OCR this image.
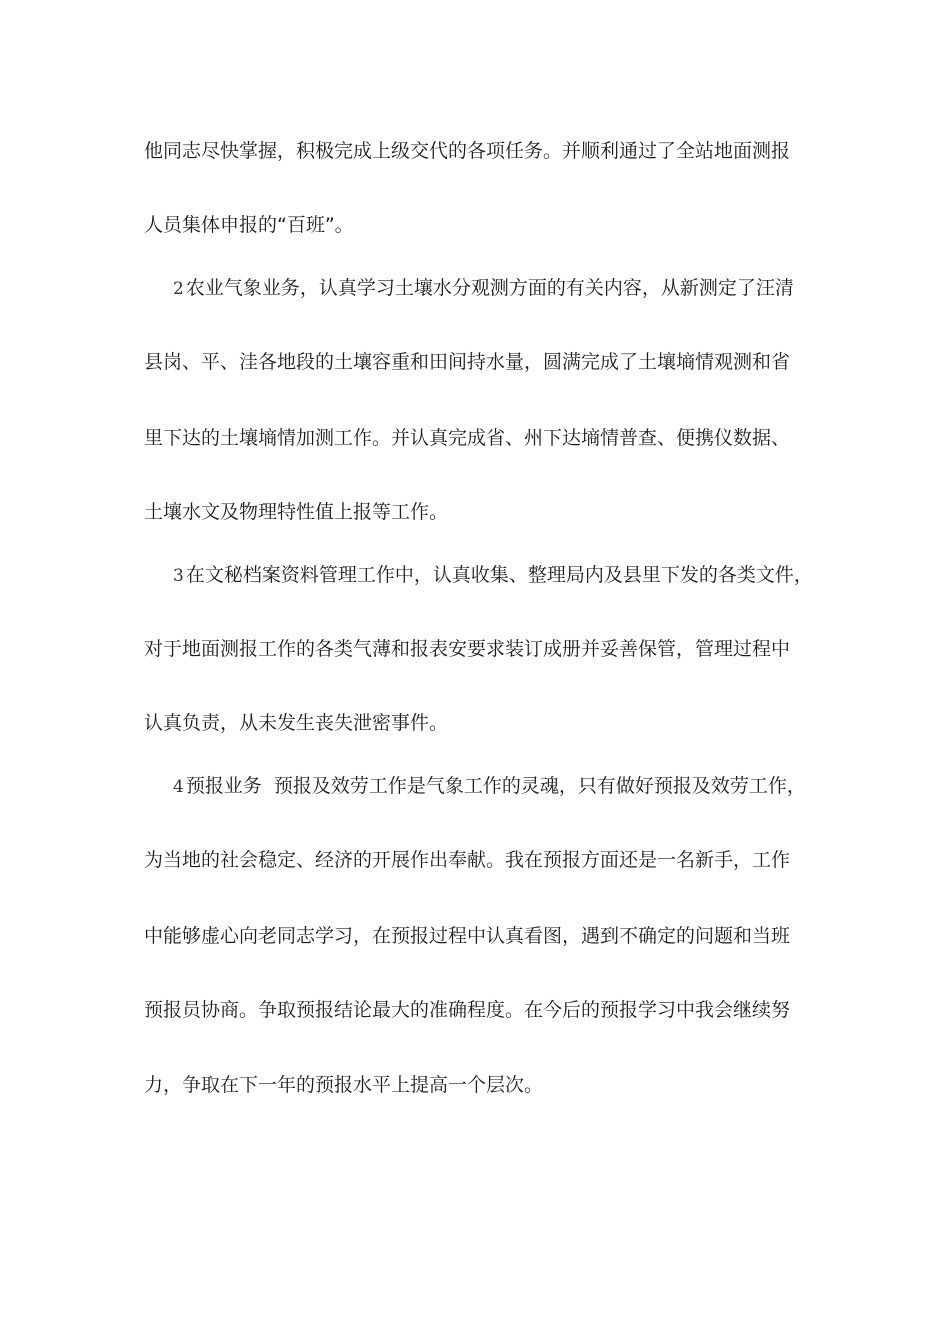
他同志尽快掌握，积极完成上级交代的各项任务。并顺利通过了全站地面测报
人员集体申报的“百班”。
2 农业气象业务，认真学习土壤水分观测方面的有关内容，从新测定了汪清
县岗、平、洼各地段的土壤容重和田间持水量，圆满完成了土壤墒情观测和省
里下达的土壤墒情加测工作。并认真完成省、州下达墒情普查、便携仪数据、
土壤水文及物理特性值上报等工作。
3 在文秘档案资料管理工作中，认真收集、整理局内及县里下发的各类文件，
对于地面测报工作的各类气薄和报表安要求装订成册并妥善保管，管理过程中
认真负责，从未发生丧失泄密事件。
4 预报业务  预报及效劳工作是气象工作的灵魂，只有做好预报及效劳工作，
为当地的社会稳定、经济的开展作出奉献。我在预报方面还是一名新手，工作
中能够虚心向老同志学习，在预报过程中认真看图，遇到不确定的问题和当班
预报员协商。争取预报结论最大的准确程度。在今后的预报学习中我会继续努
力，争取在下一年的预报水平上提高一个层次。
